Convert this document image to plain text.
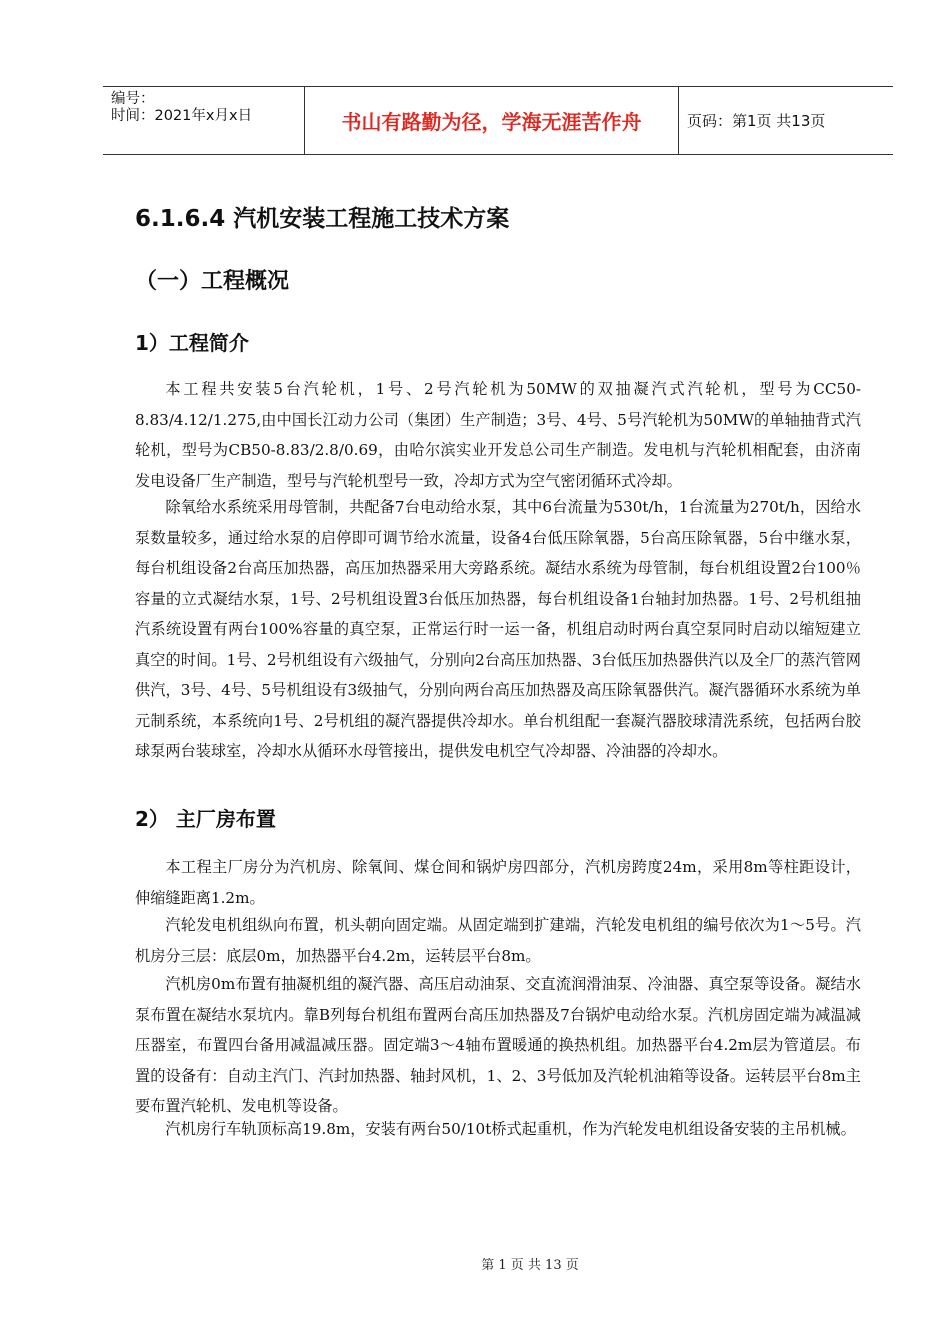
编号：
时间：2021年x月x日	书山有路勤为径，学海无涯苦作舟	页码：第1页 共13页
6.1.6.4 汽机安装工程施工技术方案
（一）工程概况
1）工程简介

本工程共安装5台汽轮机，1号、2号汽轮机为50MW的双抽凝汽式汽轮机，型号为CC50-8.83/4.12/1.275,由中国长江动力公司（集团）生产制造；3号、4号、5号汽轮机为50MW的单轴抽背式汽轮机，型号为CB50-8.83/2.8/0.69，由哈尔滨实业开发总公司生产制造。发电机与汽轮机相配套，由济南发电设备厂生产制造，型号与汽轮机型号一致，冷却方式为空气密闭循环式冷却。

除氧给水系统采用母管制，共配备7台电动给水泵，其中6台流量为530t/h，1台流量为270t/h，因给水泵数量较多，通过给水泵的启停即可调节给水流量，设备4台低压除氧器，5台高压除氧器，5台中继水泵，每台机组设备2台高压加热器，高压加热器采用大旁路系统。凝结水系统为母管制，每台机组设置2台100％容量的立式凝结水泵，1号、2号机组设置3台低压加热器，每台机组设备1台轴封加热器。1号、2号机组抽汽系统设置有两台100%容量的真空泵，正常运行时一运一备，机组启动时两台真空泵同时启动以缩短建立真空的时间。1号、2号机组设有六级抽气，分别向2台高压加热器、3台低压加热器供汽以及全厂的蒸汽管网供汽，3号、4号、5号机组设有3级抽气，分别向两台高压加热器及高压除氧器供汽。凝汽器循环水系统为单元制系统，本系统向1号、2号机组的凝汽器提供冷却水。单台机组配一套凝汽器胶球清洗系统，包括两台胶球泵两台装球室，冷却水从循环水母管接出，提供发电机空气冷却器、冷油器的冷却水。

2） 主厂房布置

本工程主厂房分为汽机房、除氧间、煤仓间和锅炉房四部分，汽机房跨度24m，采用8m等柱距设计，伸缩缝距离1.2m。

汽轮发电机组纵向布置，机头朝向固定端。从固定端到扩建端，汽轮发电机组的编号依次为1～5号。汽机房分三层：底层0m，加热器平台4.2m，运转层平台8m。

汽机房0m布置有抽凝机组的凝汽器、高压启动油泵、交直流润滑油泵、冷油器、真空泵等设备。凝结水泵布置在凝结水泵坑内。靠B列每台机组布置两台高压加热器及7台锅炉电动给水泵。汽机房固定端为减温减压器室，布置四台备用减温减压器。固定端3～4轴布置暖通的换热机组。加热器平台4.2m层为管道层。布置的设备有：自动主汽门、汽封加热器、轴封风机，1、2、3号低加及汽轮机油箱等设备。运转层平台8m主要布置汽轮机、发电机等设备。

汽机房行车轨顶标高19.8m，安装有两台50/10t桥式起重机，作为汽轮发电机组设备安装的主吊机械。

第 1 页 共 13 页
